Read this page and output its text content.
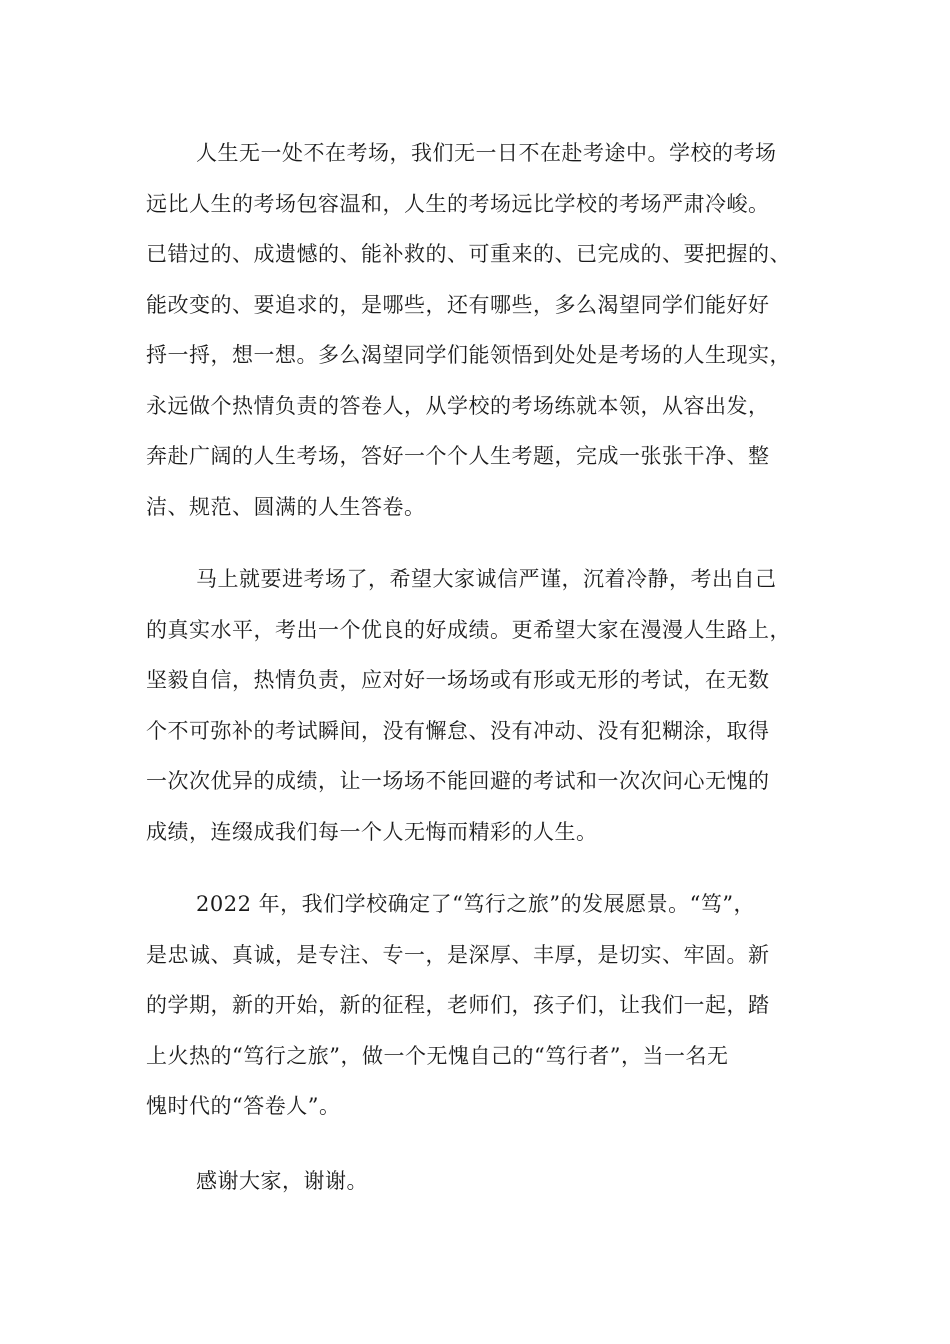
人生无一处不在考场，我们无一日不在赴考途中。学校的考场
远比人生的考场包容温和，人生的考场远比学校的考场严肃冷峻。
已错过的、成遗憾的、能补救的、可重来的、已完成的、要把握的、
能改变的、要追求的，是哪些，还有哪些，多么渴望同学们能好好
捋一捋，想一想。多么渴望同学们能领悟到处处是考场的人生现实，
永远做个热情负责的答卷人，从学校的考场练就本领，从容出发，
奔赴广阔的人生考场，答好一个个人生考题，完成一张张干净、整
洁、规范、圆满的人生答卷。

马上就要进考场了，希望大家诚信严谨，沉着冷静，考出自己
的真实水平，考出一个优良的好成绩。更希望大家在漫漫人生路上，
坚毅自信，热情负责，应对好一场场或有形或无形的考试，在无数
个不可弥补的考试瞬间，没有懈怠、没有冲动、没有犯糊涂，取得
一次次优异的成绩，让一场场不能回避的考试和一次次问心无愧的
成绩，连缀成我们每一个人无悔而精彩的人生。

2022 年，我们学校确定了“笃行之旅”的发展愿景。“笃”，
是忠诚、真诚，是专注、专一，是深厚、丰厚，是切实、牢固。新
的学期，新的开始，新的征程，老师们，孩子们，让我们一起，踏
上火热的“笃行之旅”，做一个无愧自己的“笃行者”，当一名无
愧时代的“答卷人”。

感谢大家，谢谢。
